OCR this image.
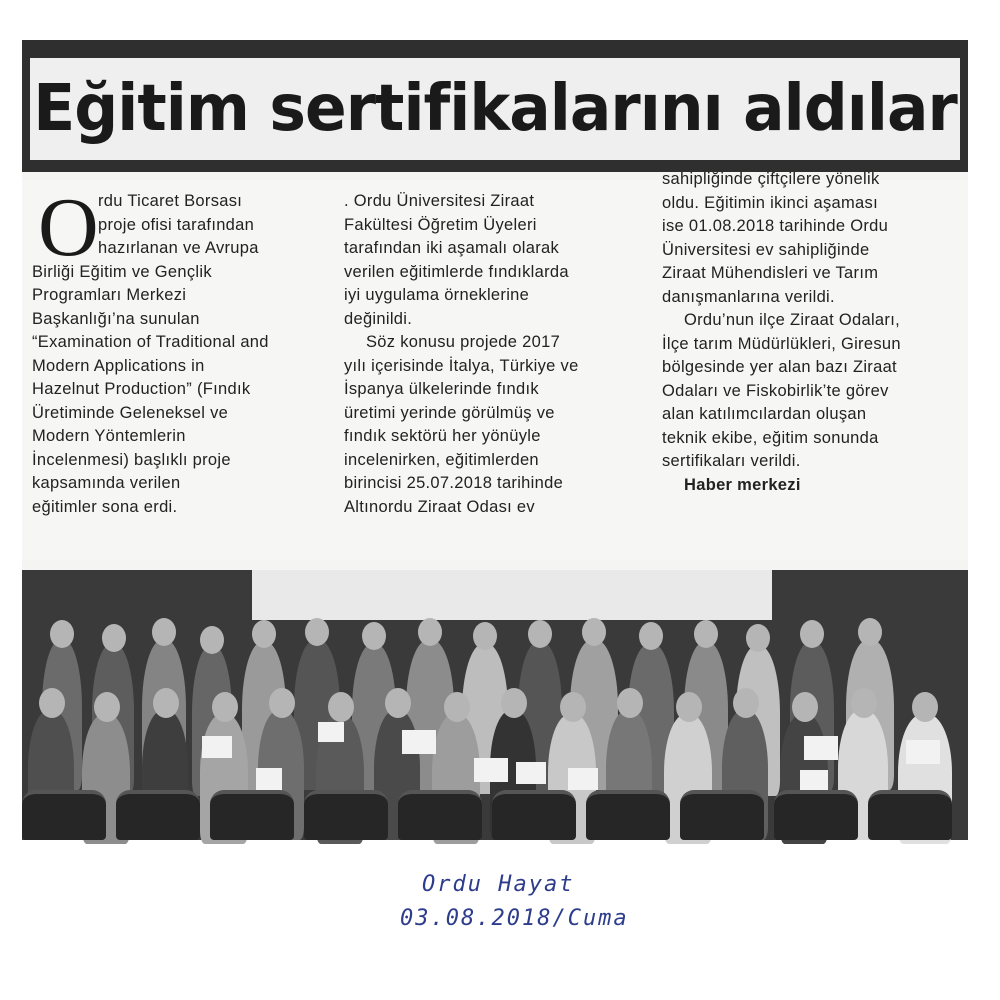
Eğitim sertifikalarını aldılar
O rdu Ticaret Borsası
proje ofisi tarafından
hazırlanan ve Avrupa
Birliği Eğitim ve Gençlik
Programları Merkezi
Başkanlığı’na sunulan
“Examination of Traditional and
Modern Applications in
Hazelnut Production” (Fındık
Üretiminde Geleneksel ve
Modern Yöntemlerin
İncelenmesi) başlıklı proje
kapsamında verilen
eğitimler sona erdi.
. Ordu Üniversitesi Ziraat
Fakültesi Öğretim Üyeleri
tarafından iki aşamalı olarak
verilen eğitimlerde fındıklarda
iyi uygulama örneklerine
değinildi.
Söz konusu projede 2017
yılı içerisinde İtalya, Türkiye ve
İspanya ülkelerinde fındık
üretimi yerinde görülmüş ve
fındık sektörü her yönüyle
incelenirken, eğitimlerden
birincisi 25.07.2018 tarihinde
Altınordu Ziraat Odası ev
sahipliğinde çiftçilere yönelik
oldu. Eğitimin ikinci aşaması
ise 01.08.2018 tarihinde Ordu
Üniversitesi ev sahipliğinde
Ziraat Mühendisleri ve Tarım
danışmanlarına verildi.
Ordu’nun ilçe Ziraat Odaları,
İlçe tarım Müdürlükleri, Giresun
bölgesinde yer alan bazı Ziraat
Odaları ve Fiskobirlik’te görev
alan katılımcılardan oluşan
teknik ekibe, eğitim sonunda
sertifikaları verildi.
Haber merkezi
Ordu Hayat
03.08.2018/Cuma
